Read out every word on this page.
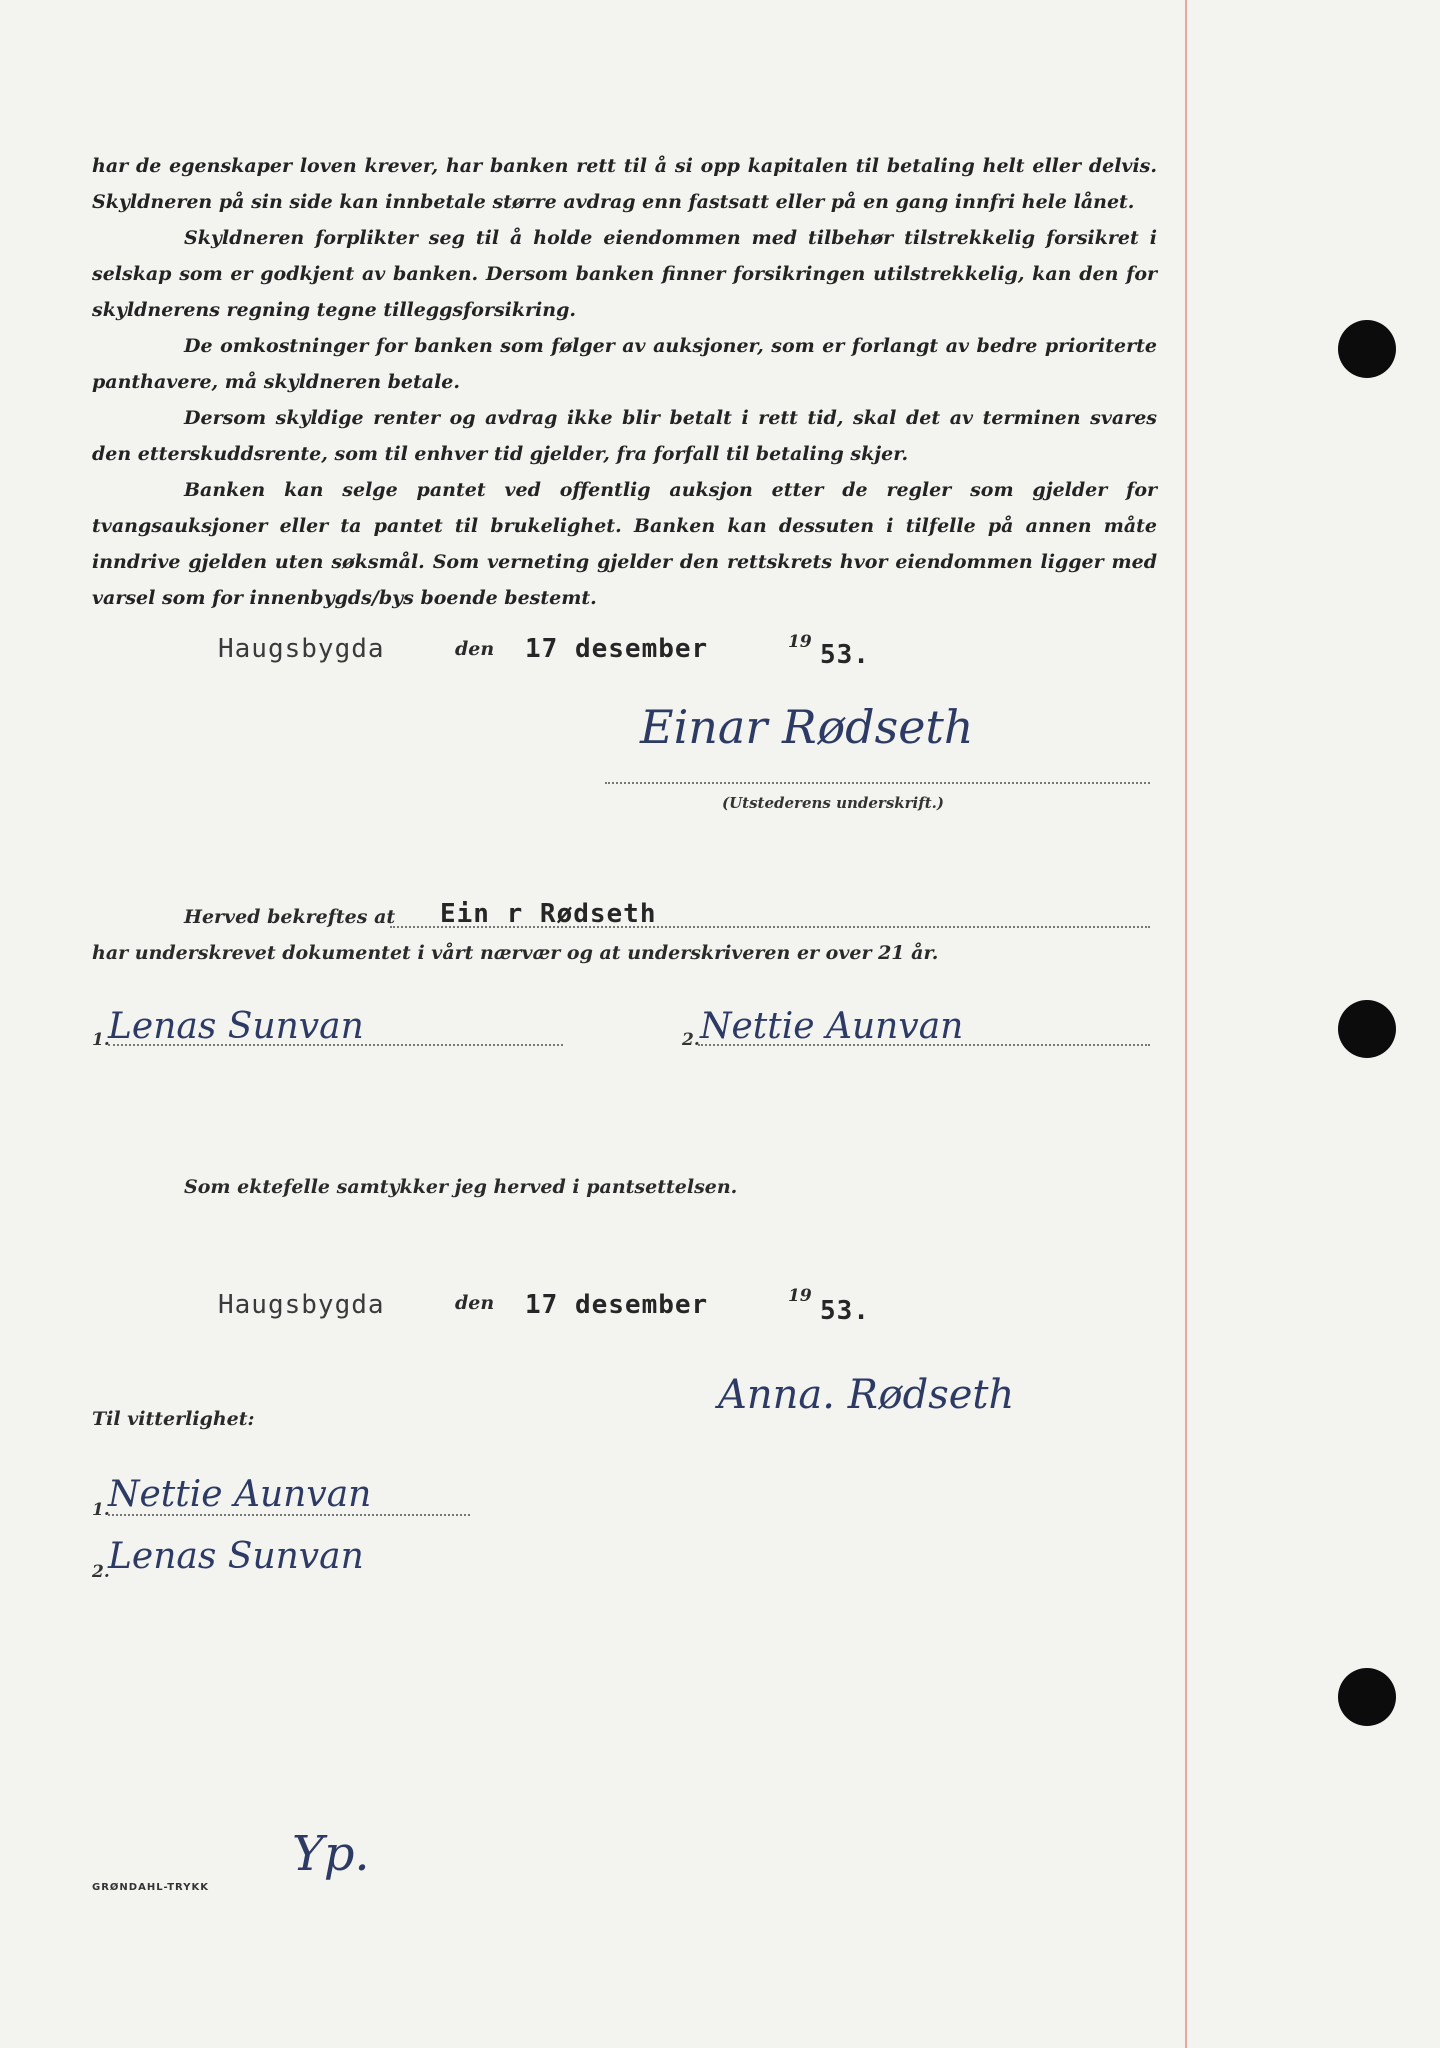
har de egenskaper loven krever, har banken rett til å si opp kapitalen til betaling helt eller delvis. Skyldneren på sin side kan innbetale større avdrag enn fastsatt eller på en gang innfri hele lånet.

Skyldneren forplikter seg til å holde eiendommen med tilbehør tilstrekkelig forsikret i selskap som er godkjent av banken. Dersom banken finner forsikringen utilstrekkelig, kan den for skyldnerens regning tegne tilleggsforsikring.

De omkostninger for banken som følger av auksjoner, som er forlangt av bedre prioriterte panthavere, må skyldneren betale.

Dersom skyldige renter og avdrag ikke blir betalt i rett tid, skal det av terminen svares den etterskuddsrente, som til enhver tid gjelder, fra forfall til betaling skjer.

Banken kan selge pantet ved offentlig auksjon etter de regler som gjelder for tvangsauksjoner eller ta pantet til brukelighet. Banken kan dessuten i tilfelle på annen måte inndrive gjelden uten søksmål. Som verneting gjelder den rettskrets hvor eiendommen ligger med varsel som for innenbygds/bys boende bestemt.

Haugsbygda	den 17 desember	19 53.
Einar Rødseth
(Utstederens underskrift.)
Herved bekreftes at Ein r Rødseth
har underskrevet dokumentet i vårt nærvær og at underskriveren er over 21 år.
1.
Lenas Sunvan	2. Nettie Aunvan
Som ektefelle samtykker jeg herved i pantsettelsen.
Haugsbygda	den 17 desember	19 53.
Anna. Rødseth
Til vitterlighet:
1.
Nettie Aunvan
2.
Lenas Sunvan
Yp.
GRØNDAHL-TRYKK
